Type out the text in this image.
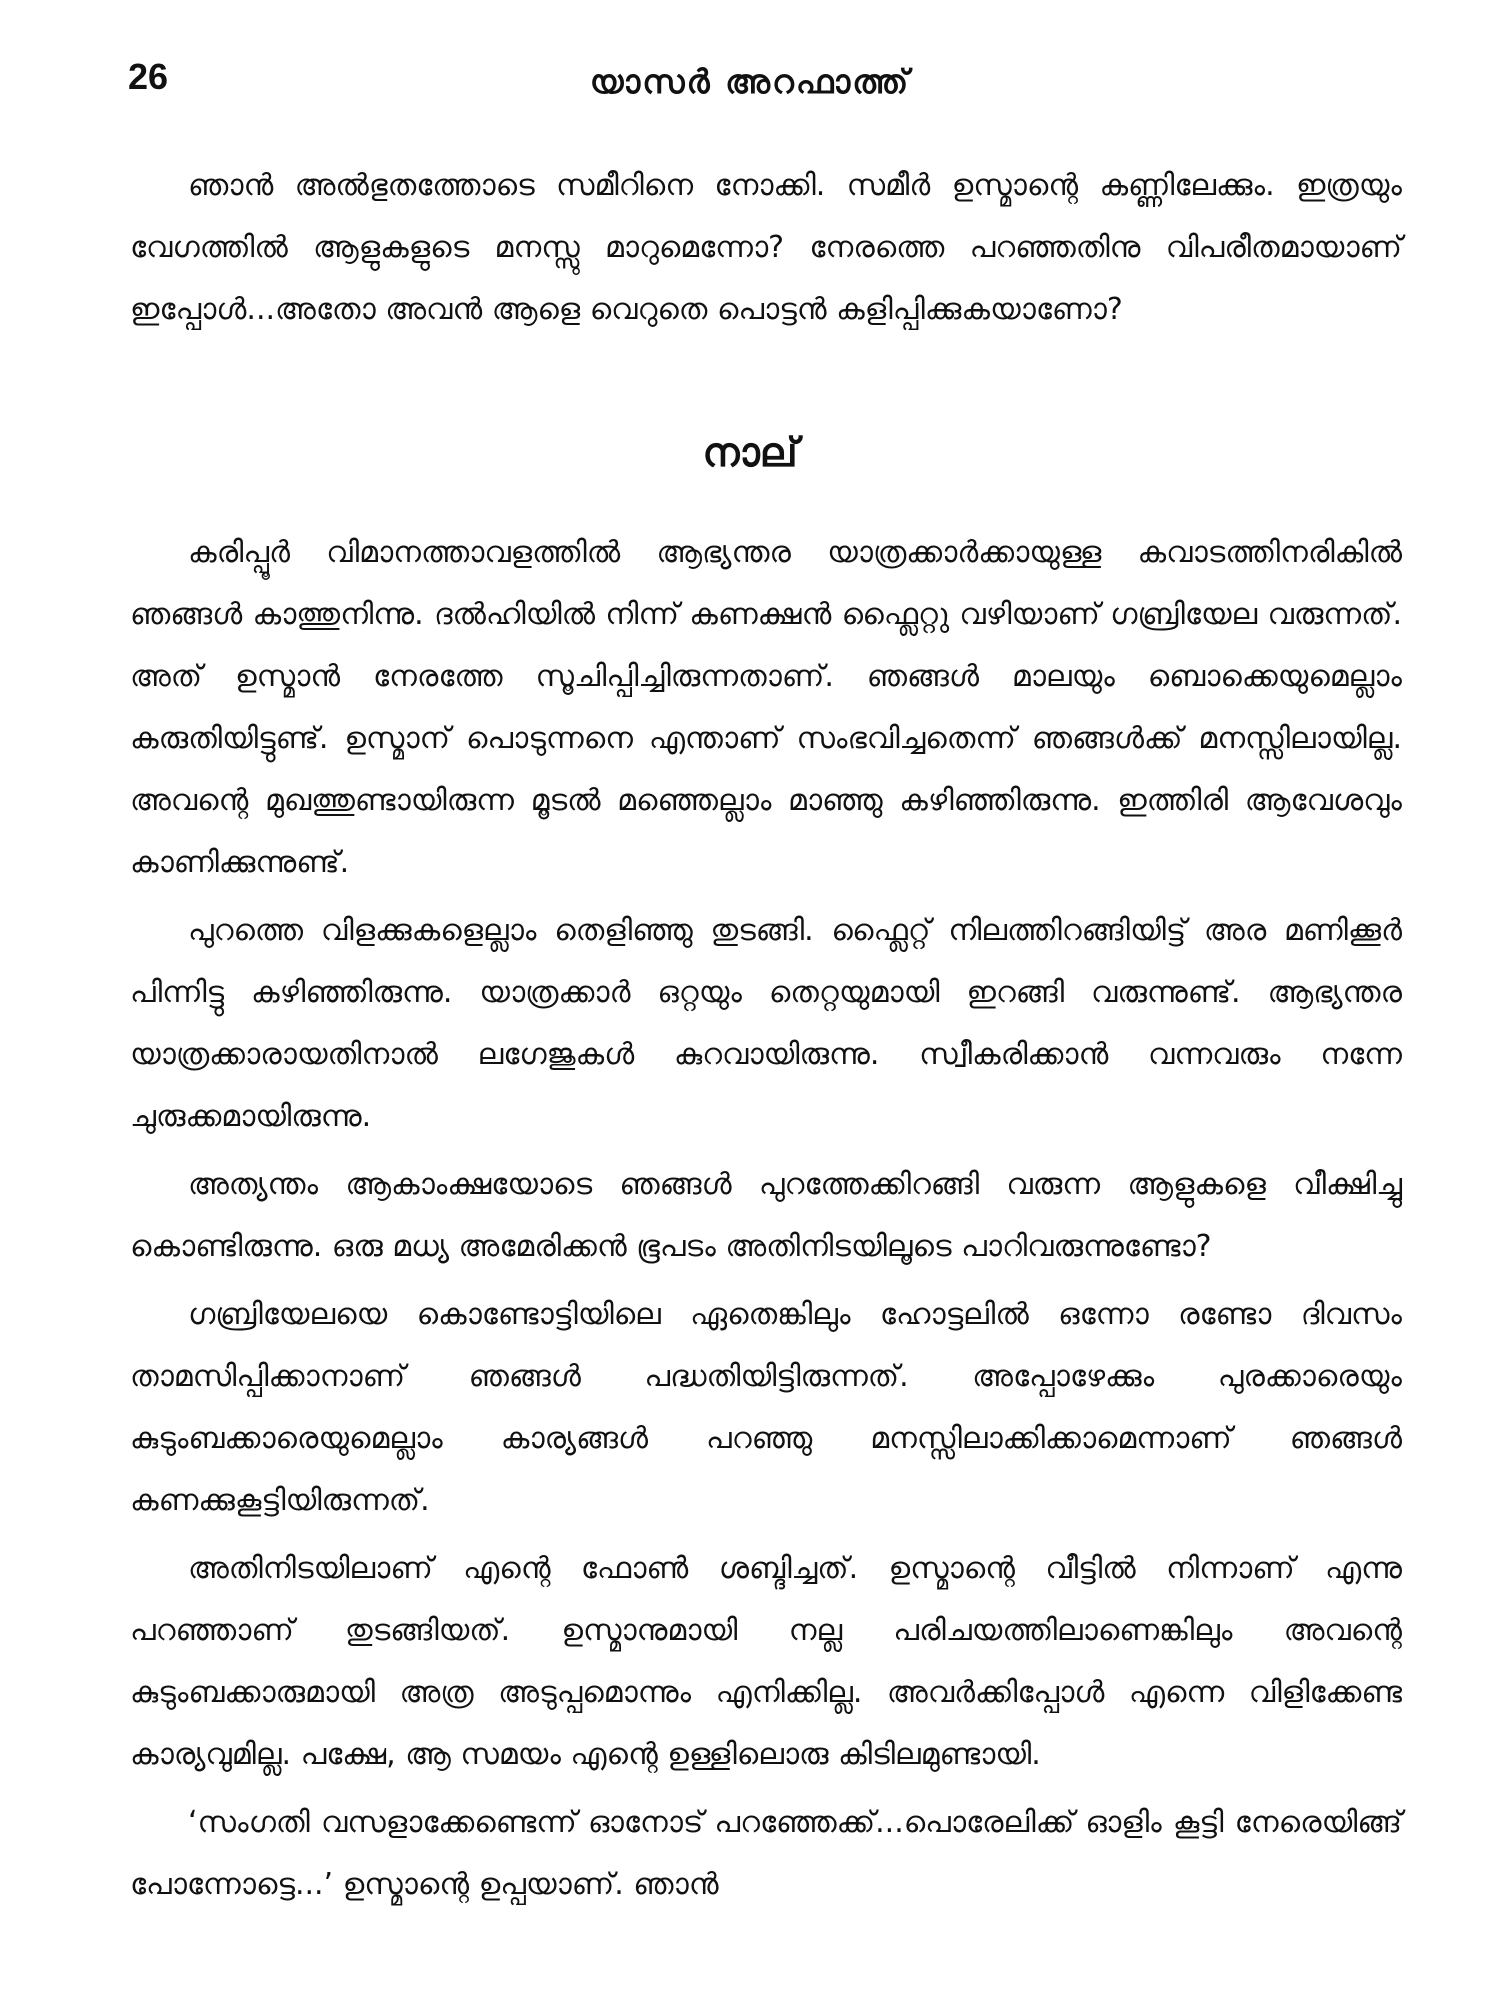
26	യാസർ അറഫാത്ത്

ഞാൻ അൽഭുതത്തോടെ സമീറിനെ നോക്കി. സമീർ ഉസ്മാന്റെ കണ്ണിലേക്കും. ഇത്രയും വേഗത്തിൽ ആളുകളുടെ മനസ്സു മാറുമെന്നോ? നേരത്തെ പറഞ്ഞതിനു വിപരീതമായാണ് ഇപ്പോൾ...അതോ അവൻ ആളെ വെറുതെ പൊട്ടൻ കളിപ്പിക്കുകയാണോ?

നാല്

കരിപ്പൂർ വിമാനത്താവളത്തിൽ ആഭ്യന്തര യാത്രക്കാർക്കായുള്ള കവാടത്തിനരികിൽ ഞങ്ങൾ കാത്തുനിന്നു. ദൽഹിയിൽ നിന്ന് കണക്ഷൻ ഫ്ലൈറ്റു വഴിയാണ് ഗബ്രിയേല വരുന്നത്. അത് ഉസ്മാൻ നേരത്തേ സൂചിപ്പിച്ചിരുന്നതാണ്. ഞങ്ങൾ മാലയും ബൊക്കെയുമെല്ലാം കരുതിയിട്ടുണ്ട്. ഉസ്മാന് പൊടുന്നനെ എന്താണ് സംഭവിച്ചതെന്ന് ഞങ്ങൾക്ക് മനസ്സിലായില്ല. അവന്റെ മുഖത്തുണ്ടായിരുന്ന മൂടൽ മഞ്ഞെല്ലാം മാഞ്ഞു കഴിഞ്ഞിരുന്നു. ഇത്തിരി ആവേശവും കാണിക്കുന്നുണ്ട്.

പുറത്തെ വിളക്കുകളെല്ലാം തെളിഞ്ഞു തുടങ്ങി. ഫ്ലൈറ്റ് നിലത്തിറങ്ങിയിട്ട് അര മണിക്കൂർ പിന്നിട്ടു കഴിഞ്ഞിരുന്നു. യാത്രക്കാർ ഒറ്റയും തെറ്റയുമായി ഇറങ്ങി വരുന്നുണ്ട്. ആഭ്യന്തര യാത്രക്കാരായതിനാൽ ലഗേജുകൾ കുറവായിരുന്നു. സ്വീകരിക്കാൻ വന്നവരും നന്നേ ചുരുക്കമായിരുന്നു.

അത്യന്തം ആകാംക്ഷയോടെ ഞങ്ങൾ പുറത്തേക്കിറങ്ങി വരുന്ന ആളുകളെ വീക്ഷിച്ചു കൊണ്ടിരുന്നു. ഒരു മധ്യ അമേരിക്കൻ ഭൂപടം അതിനിടയിലൂടെ പാറിവരുന്നുണ്ടോ?

ഗബ്രിയേലയെ കൊണ്ടോട്ടിയിലെ ഏതെങ്കിലും ഹോട്ടലിൽ ഒന്നോ രണ്ടോ ദിവസം താമസിപ്പിക്കാനാണ് ഞങ്ങൾ പദ്ധതിയിട്ടിരുന്നത്. അപ്പോഴേക്കും പുരക്കാരെയും കുടുംബക്കാരെയുമെല്ലാം കാര്യങ്ങൾ പറഞ്ഞു മനസ്സിലാക്കിക്കാമെന്നാണ് ഞങ്ങൾ കണക്കുകൂട്ടിയിരുന്നത്.

അതിനിടയിലാണ് എന്റെ ഫോൺ ശബ്ദിച്ചത്. ഉസ്മാന്റെ വീട്ടിൽ നിന്നാണ് എന്നു പറഞ്ഞാണ് തുടങ്ങിയത്. ഉസ്മാനുമായി നല്ല പരിചയത്തിലാണെങ്കിലും അവന്റെ കുടുംബക്കാരുമായി അത്ര അടുപ്പമൊന്നും എനിക്കില്ല. അവർക്കിപ്പോൾ എന്നെ വിളിക്കേണ്ട കാര്യവുമില്ല. പക്ഷേ, ആ സമയം എന്റെ ഉള്ളിലൊരു കിടിലമുണ്ടായി.

‘സംഗതി വസളാക്കേണ്ടെന്ന് ഓനോട് പറഞ്ഞേക്ക്...പൊരേലിക്ക് ഓളിം കൂട്ടി നേരെയിങ്ങ് പോന്നോട്ടെ...’ ഉസ്മാന്റെ ഉപ്പയാണ്. ഞാൻ
